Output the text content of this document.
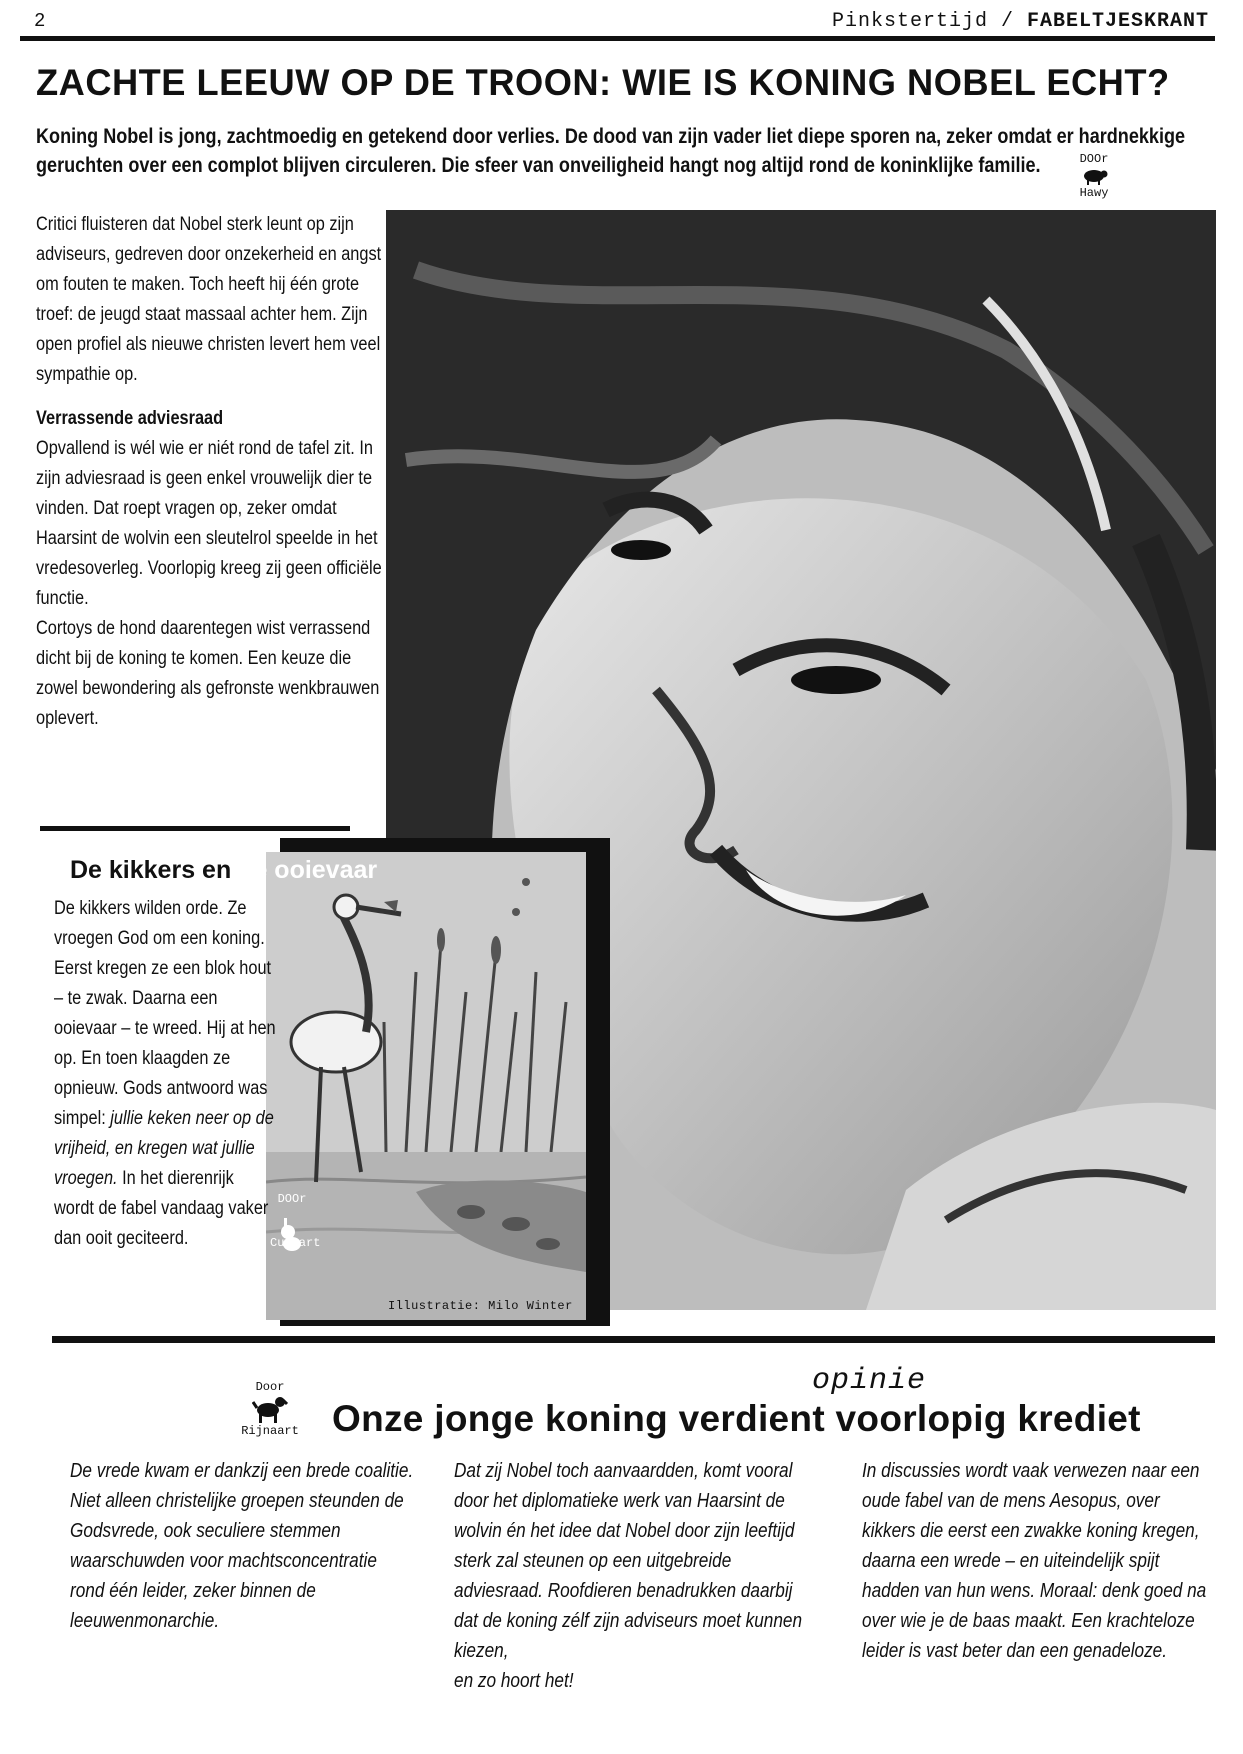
2	Pinkstertijd / FABELTJESKRANT
ZACHTE LEEUW OP DE TROON: WIE IS KONING NOBEL ECHT?
Koning Nobel is jong, zachtmoedig en getekend door verlies. De dood van zijn vader liet diepe sporen na, zeker omdat er hardnekkige geruchten over een complot blijven circuleren. Die sfeer van onveiligheid hangt nog altijd rond de koninklijke familie.	DOOr
Hawy

Critici fluisteren dat Nobel sterk leunt op zijn adviseurs, gedreven door onzekerheid en angst om fouten te maken. Toch heeft hij één grote troef: de jeugd staat massaal achter hem. Zijn open profiel als nieuwe christen levert hem veel sympathie op.

Verrassende adviesraad

Opvallend is wél wie er niét rond de tafel zit. In zijn adviesraad is geen enkel vrouwelijk dier te vinden. Dat roept vragen op, zeker omdat Haarsint de wolvin een sleutelrol speelde in het vredesoverleg. Voorlopig kreeg zij geen officiële functie.

Cortoys de hond daarentegen wist verrassend dicht bij de koning te komen. Een keuze die zowel bewondering als gefronste wenkbrauwen oplevert.

DOOr
Cuwaart
De kikkers en de ooievaar
De kikkers wilden orde. Ze vroegen God om een koning. Eerst kregen ze een blok hout – te zwak. Daarna een ooievaar – te wreed. Hij at hen op. En toen klaagden ze opnieuw. Gods antwoord was simpel: jullie keken neer op de vrijheid, en kregen wat jullie vroegen. In het dierenrijk wordt de fabel vandaag vaker dan ooit geciteerd.
Illustratie: Milo Winter
opinie
Onze jonge koning verdient voorlopig krediet
Door
Rijnaart
De vrede kwam er dankzij een brede coalitie. Niet alleen christelijke groepen steunden de Godsvrede, ook seculiere stemmen waarschuwden voor machtsconcentratie rond één leider, zeker binnen de leeuwenmonarchie.
Dat zij Nobel toch aanvaardden, komt vooral door het diplomatieke werk van Haarsint de wolvin én het idee dat Nobel door zijn leeftijd sterk zal steunen op een uitgebreide adviesraad. Roofdieren benadrukken daarbij dat de koning zélf zijn adviseurs moet kunnen kiezen,
en zo hoort het!
In discussies wordt vaak verwezen naar een oude fabel van de mens Aesopus, over kikkers die eerst een zwakke koning kregen, daarna een wrede – en uiteindelijk spijt hadden van hun wens. Moraal: denk goed na over wie je de baas maakt. Een krachteloze leider is vast beter dan een genadeloze.
